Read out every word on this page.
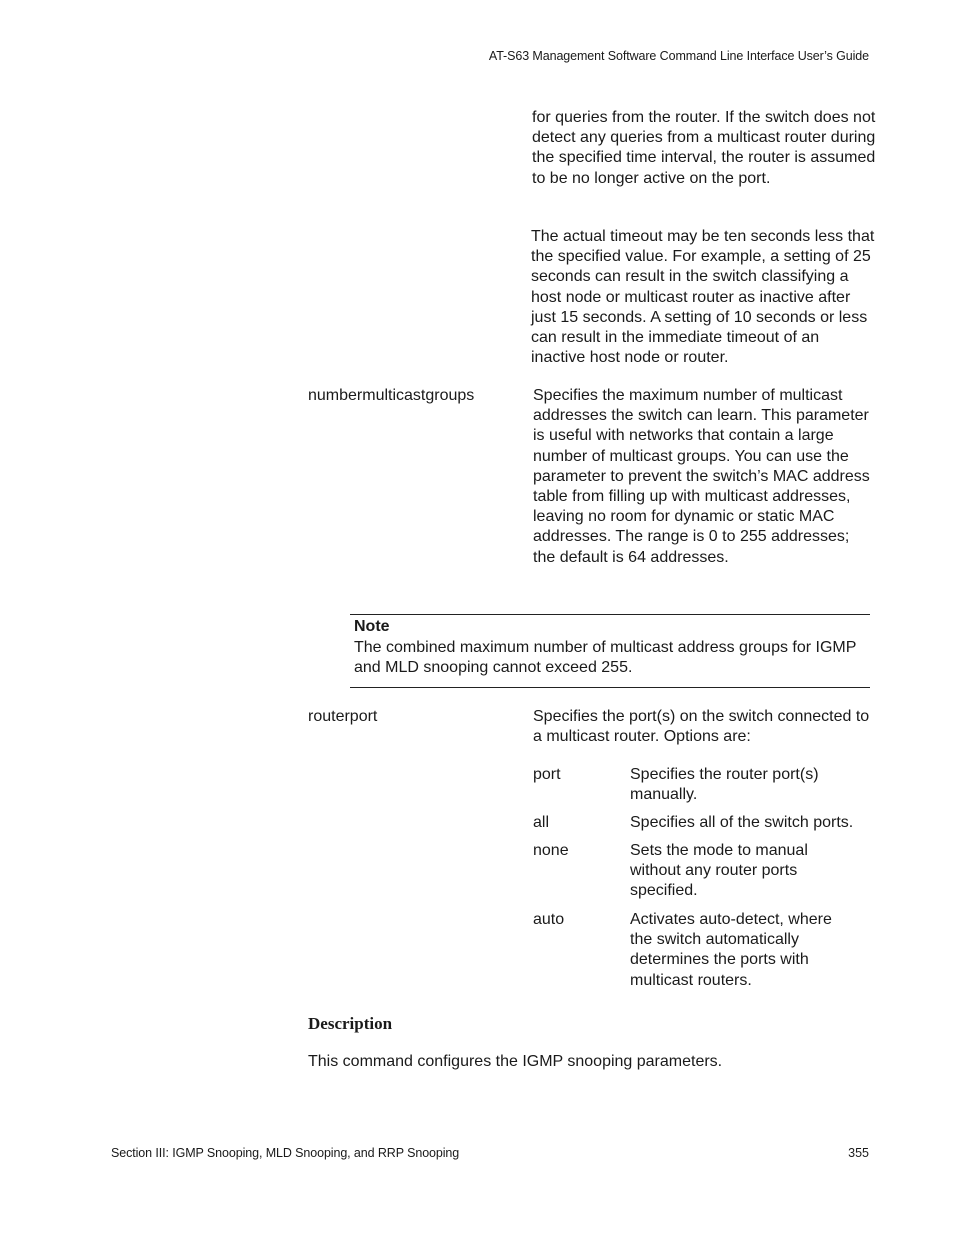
AT-S63 Management Software Command Line Interface User’s Guide

for queries from the router. If the switch does not detect any queries from a multicast router during the specified time interval, the router is assumed to be no longer active on the port.

The actual timeout may be ten seconds less that the specified value. For example, a setting of 25 seconds can result in the switch classifying a host node or multicast router as inactive after just 15 seconds. A setting of 10 seconds or less can result in the immediate timeout of an inactive host node or router.

numbermulticastgroups	Specifies the maximum number of multicast addresses the switch can learn. This parameter is useful with networks that contain a large number of multicast groups. You can use the parameter to prevent the switch’s MAC address table from filling up with multicast addresses, leaving no room for dynamic or static MAC addresses. The range is 0 to 255 addresses; the default is 64 addresses.
Note
The combined maximum number of multicast address groups for IGMP and MLD snooping cannot exceed 255.
routerport	Specifies the port(s) on the switch connected to a multicast router. Options are:
port	Specifies the router port(s) manually.
all	Specifies all of the switch ports.
none	Sets the mode to manual without any router ports specified.
auto	Activates auto-detect, where the switch automatically determines the ports with multicast routers.
Description
This command configures the IGMP snooping parameters.
Section III: IGMP Snooping, MLD Snooping, and RRP Snooping	355
